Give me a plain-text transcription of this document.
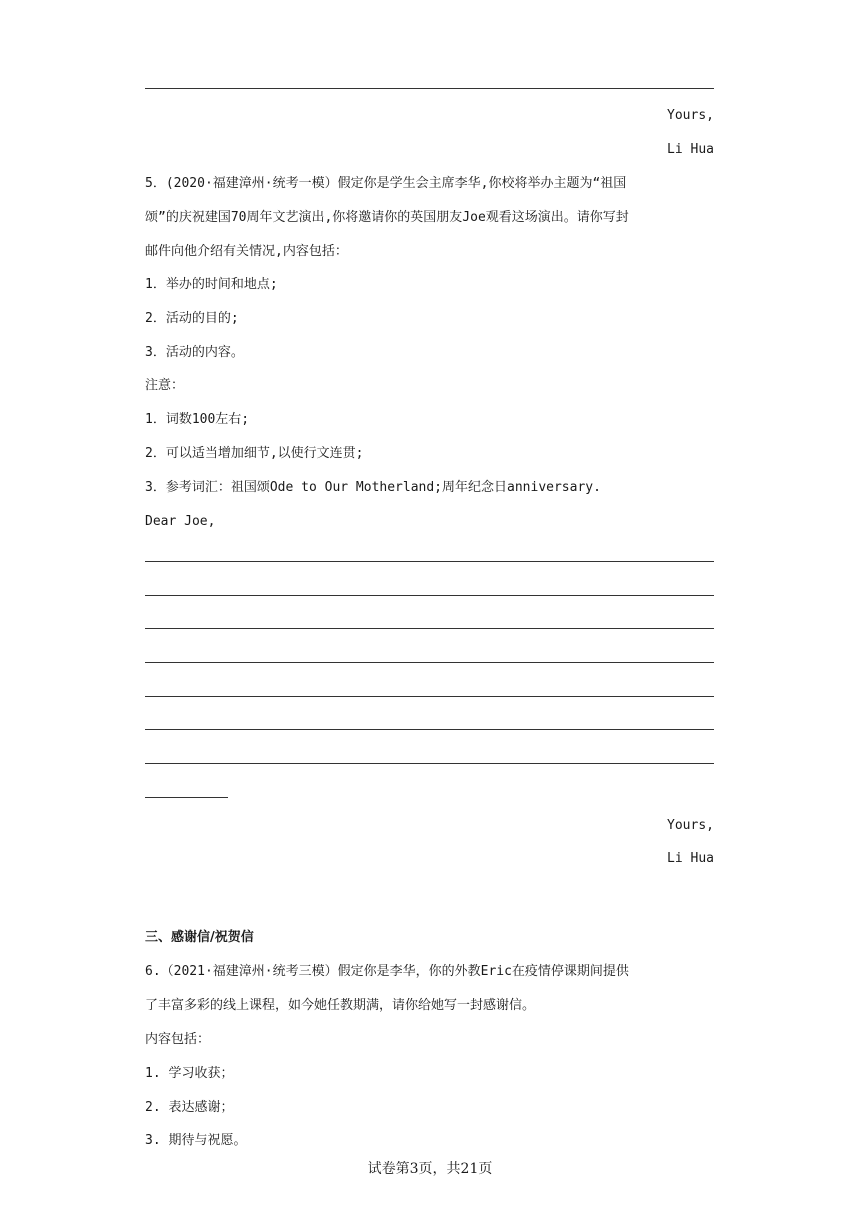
Yours,
Li Hua
5．(2020·福建漳州·统考一模）假定你是学生会主席李华,你校将举办主题为“祖国
颂”的庆祝建国70周年文艺演出,你将邀请你的英国朋友Joe观看这场演出。请你写封
邮件向他介绍有关情况,内容包括：
1．举办的时间和地点;
2．活动的目的;
3．活动的内容。
注意：
1．词数100左右;
2．可以适当增加细节,以使行文连贯;
3．参考词汇：祖国颂Ode to Our Motherland;周年纪念日anniversary.
Dear Joe,
Yours,
Li Hua
三、感谢信/祝贺信
6.（2021·福建漳州·统考三模）假定你是李华，你的外教Eric在疫情停课期间提供
了丰富多彩的线上课程，如今她任教期满，请你给她写一封感谢信。
内容包括：
1. 学习收获；
2. 表达感谢；
3. 期待与祝愿。
试卷第3页，共21页
